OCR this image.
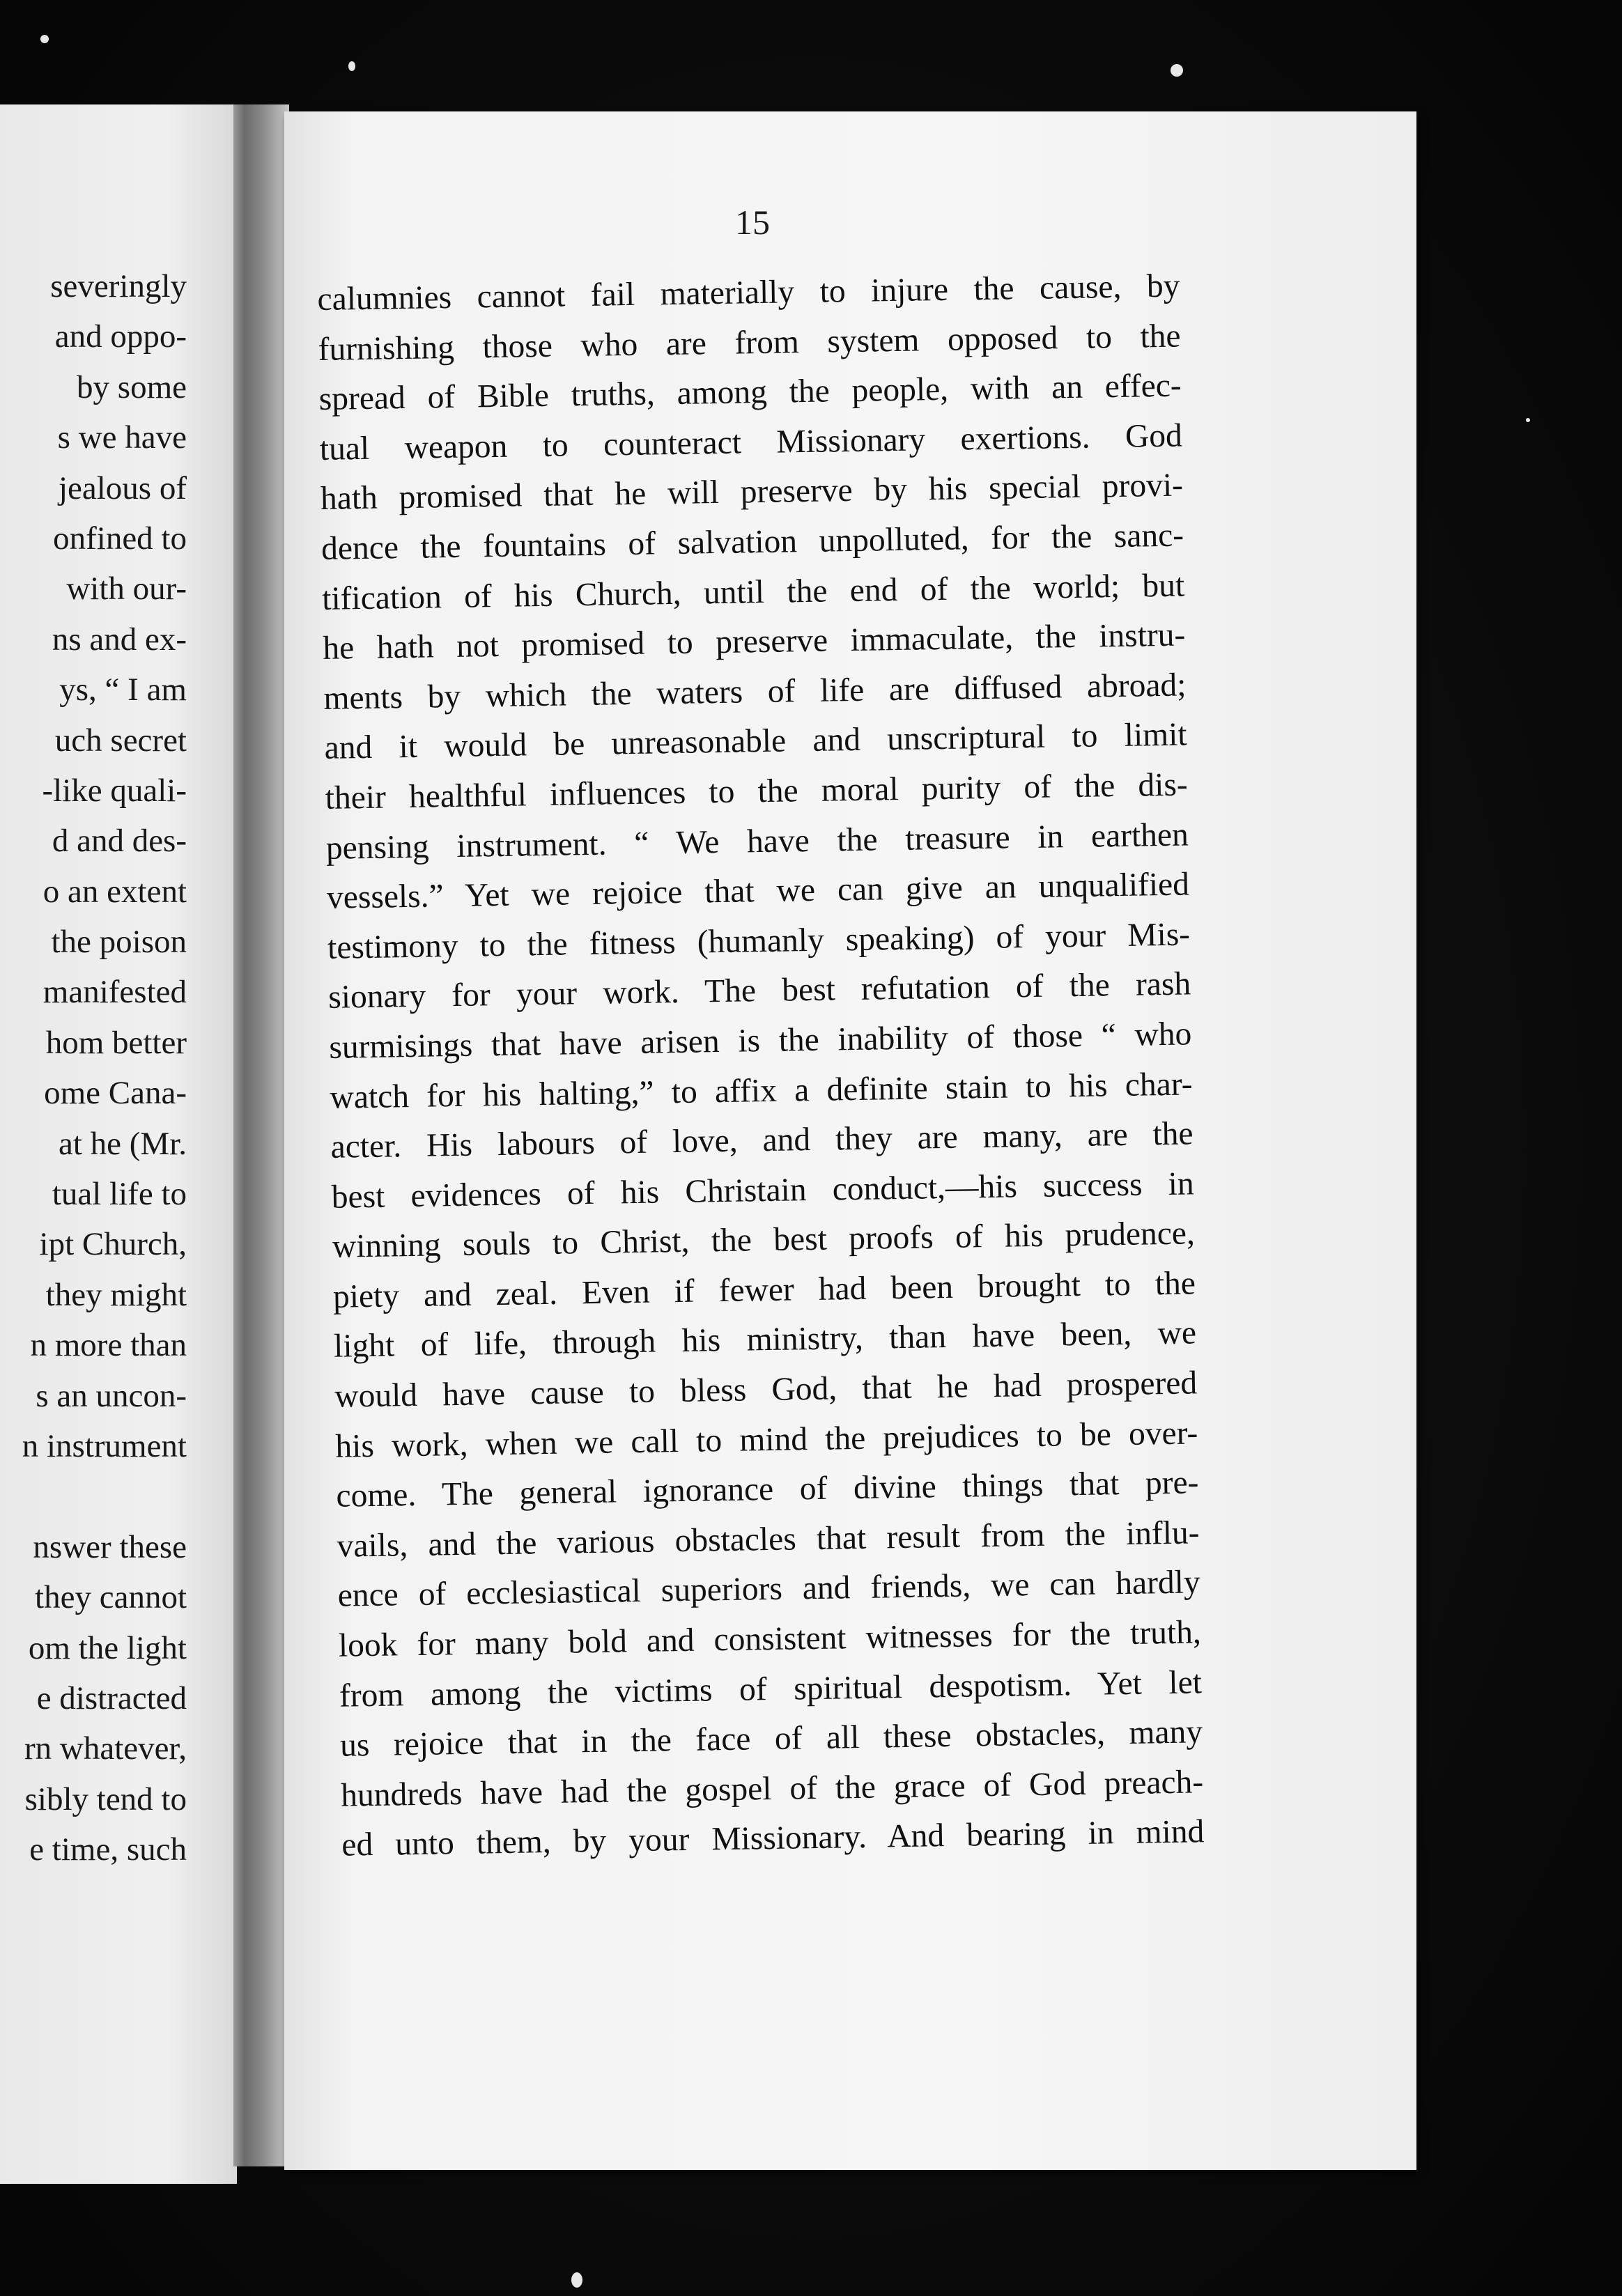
severingly
and oppo-
by some
s we have
jealous of
onfined to
with our-
ns and ex-
ys, “ I am
uch secret
-like quali-
d and des-
o an extent
the poison
manifested
hom better
ome Cana-
at he (Mr.
tual life to
ipt Church,
they might
n more than
s an uncon-
n instrument
nswer these
they cannot
om the light
e distracted
rn whatever,
sibly tend to
e time, such
15
calumnies cannot fail materially to injure the cause, by
furnishing those who are from system opposed to the
spread of Bible truths, among the people, with an effec-
tual weapon to counteract Missionary exertions. God
hath promised that he will preserve by his special provi-
dence the fountains of salvation unpolluted, for the sanc-
tification of his Church, until the end of the world; but
he hath not promised to preserve immaculate, the instru-
ments by which the waters of life are diffused abroad;
and it would be unreasonable and unscriptural to limit
their healthful influences to the moral purity of the dis-
pensing instrument. “ We have the treasure in earthen
vessels.” Yet we rejoice that we can give an unqualified
testimony to the fitness (humanly speaking) of your Mis-
sionary for your work. The best refutation of the rash
surmisings that have arisen is the inability of those “ who
watch for his halting,” to affix a definite stain to his char-
acter. His labours of love, and they are many, are the
best evidences of his Christain conduct,—his success in
winning souls to Christ, the best proofs of his prudence,
piety and zeal. Even if fewer had been brought to the
light of life, through his ministry, than have been, we
would have cause to bless God, that he had prospered
his work, when we call to mind the prejudices to be over-
come. The general ignorance of divine things that pre-
vails, and the various obstacles that result from the influ-
ence of ecclesiastical superiors and friends, we can hardly
look for many bold and consistent witnesses for the truth,
from among the victims of spiritual despotism. Yet let
us rejoice that in the face of all these obstacles, many
hundreds have had the gospel of the grace of God preach-
ed unto them, by your Missionary. And bearing in mind
